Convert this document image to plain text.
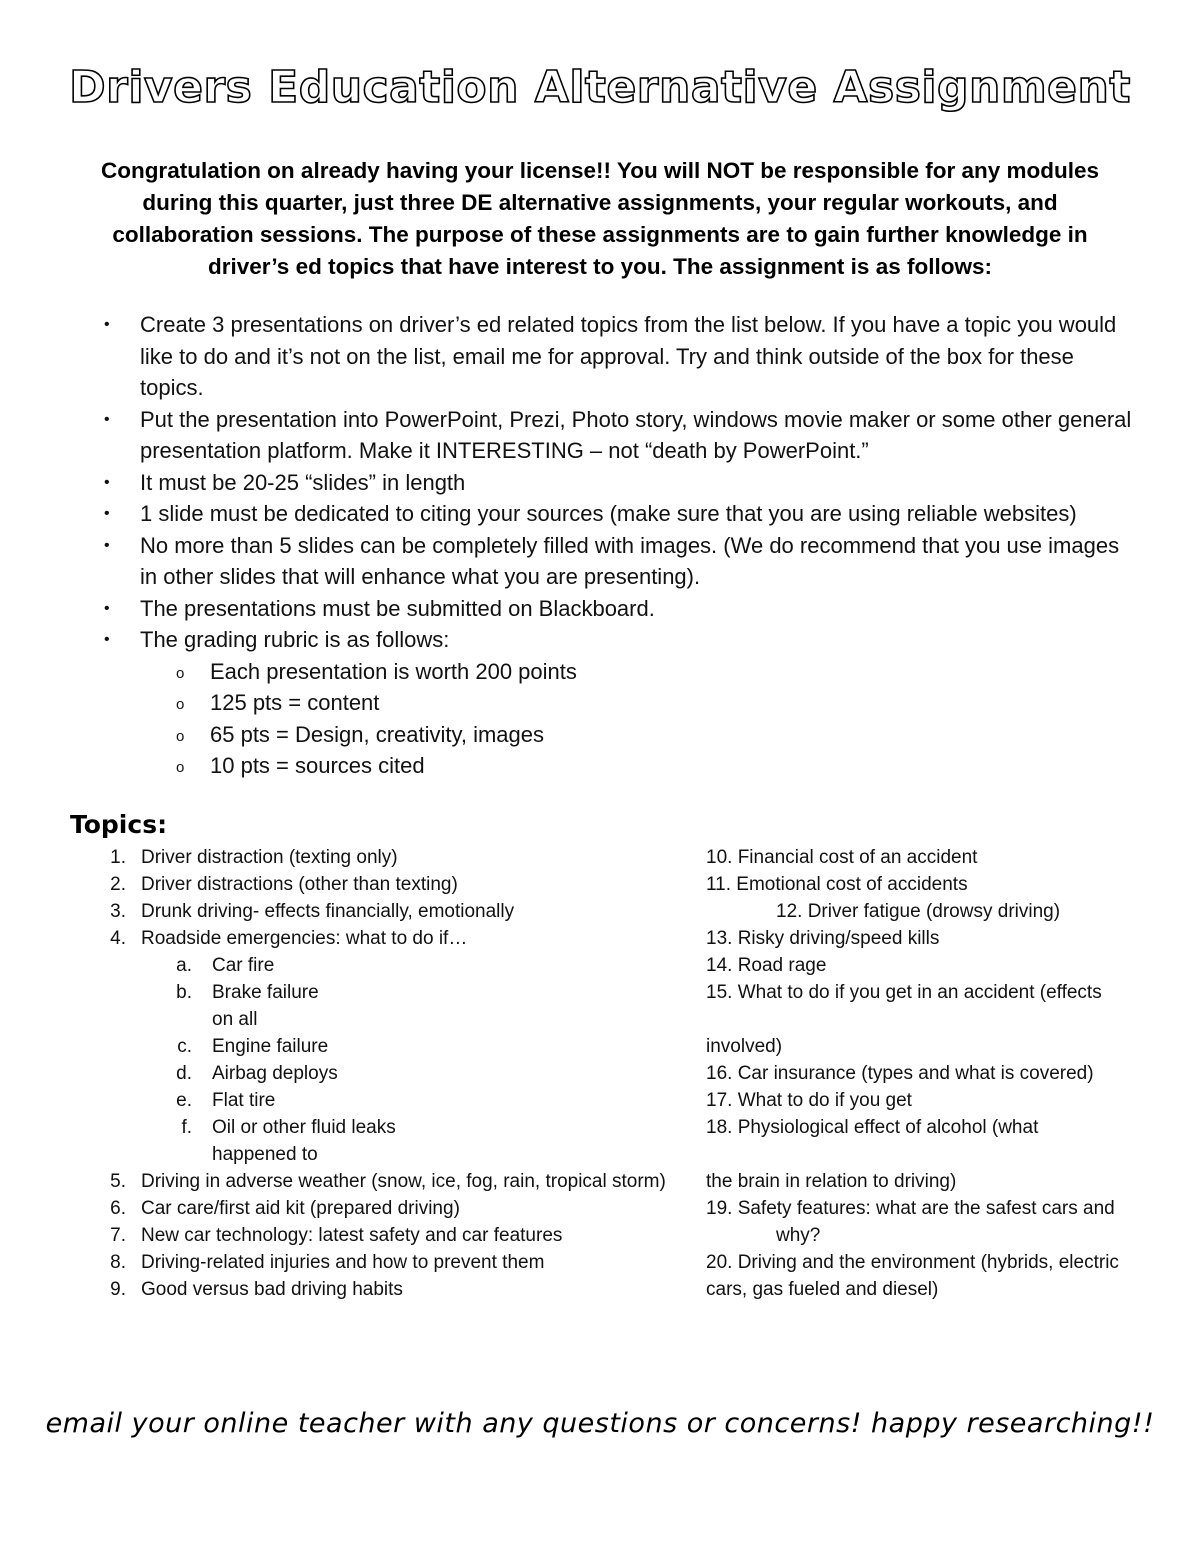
Drivers Education Alternative Assignment
Congratulation on already having your license!! You will NOT be responsible for any modules during this quarter, just three DE alternative assignments, your regular workouts, and collaboration sessions. The purpose of these assignments are to gain further knowledge in driver’s ed topics that have interest to you. The assignment is as follows:
• Create 3 presentations on driver’s ed related topics from the list below. If you have a topic you would like to do and it’s not on the list, email me for approval. Try and think outside of the box for these topics.
• Put the presentation into PowerPoint, Prezi, Photo story, windows movie maker or some other general presentation platform. Make it INTERESTING – not “death by PowerPoint.”
• It must be 20-25 “slides” in length
• 1 slide must be dedicated to citing your sources (make sure that you are using reliable websites)
• No more than 5 slides can be completely filled with images. (We do recommend that you use images in other slides that will enhance what you are presenting).
• The presentations must be submitted on Blackboard.
• The grading rubric is as follows:
o Each presentation is worth 200 points
o 125 pts = content
o 65 pts = Design, creativity, images
o 10 pts = sources cited
Topics:
1. Driver distraction (texting only)
2. Driver distractions (other than texting)
3. Drunk driving- effects financially, emotionally
4. Roadside emergencies: what to do if…
a. Car fire
b. Brake failure
on all
c. Engine failure
d. Airbag deploys
e. Flat tire
f. Oil or other fluid leaks
happened to
5. Driving in adverse weather (snow, ice, fog, rain, tropical storm)
6. Car care/first aid kit (prepared driving)
7. New car technology: latest safety and car features
8. Driving-related injuries and how to prevent them
9. Good versus bad driving habits
10. Financial cost of an accident
11. Emotional cost of accidents
12. Driver fatigue (drowsy driving)
13. Risky driving/speed kills
14. Road rage
15. What to do if you get in an accident (effects
involved)
16. Car insurance (types and what is covered)
17. What to do if you get
18. Physiological effect of alcohol (what
the brain in relation to driving)
19. Safety features: what are the safest cars and
why?
20. Driving and the environment (hybrids, electric
cars, gas fueled and diesel)
email your online teacher with any questions or concerns! happy researching!!
